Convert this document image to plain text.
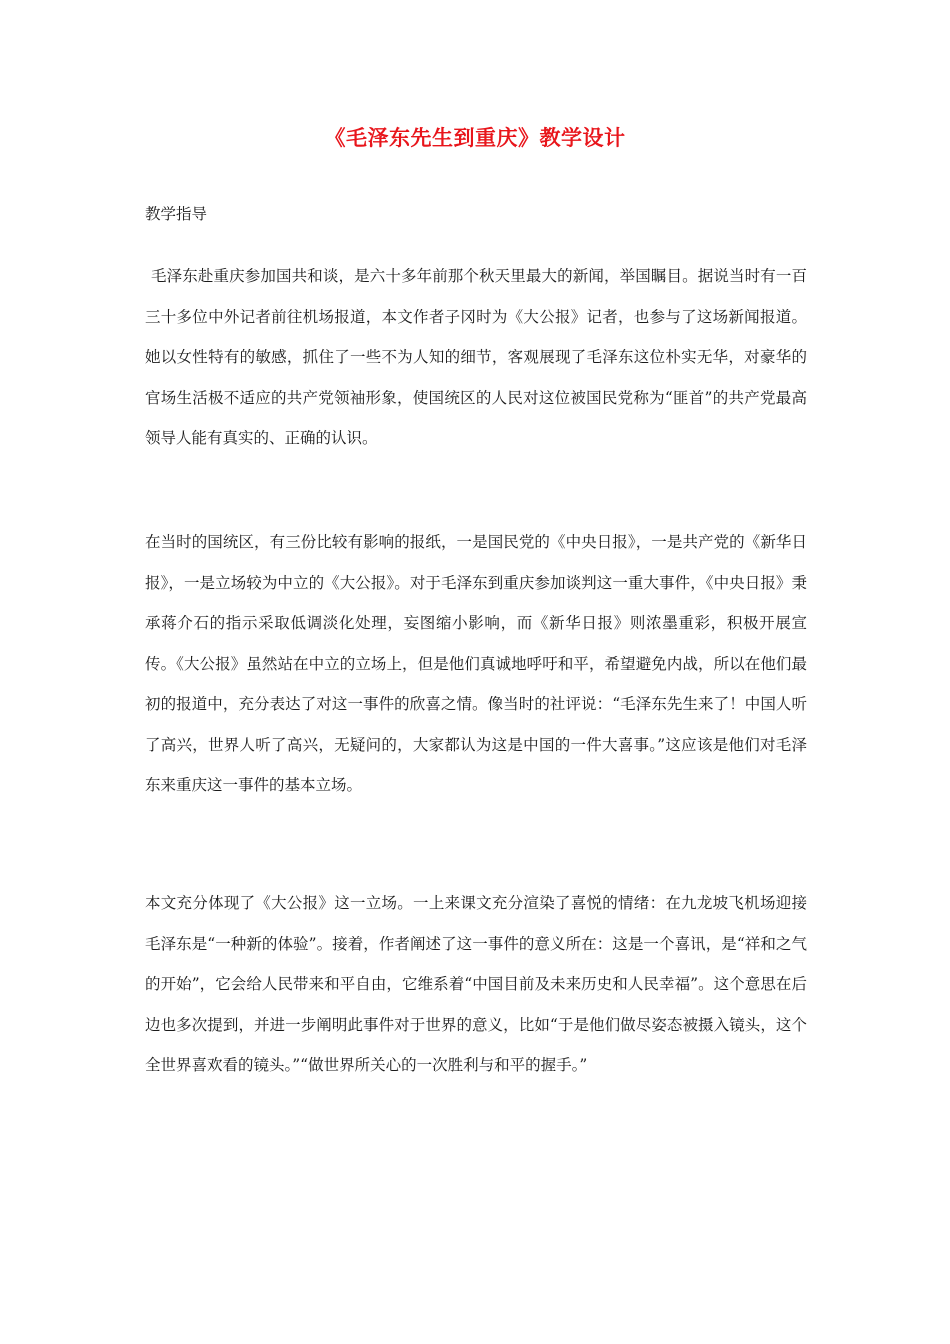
《毛泽东先生到重庆》教学设计

教学指导

毛泽东赴重庆参加国共和谈，是六十多年前那个秋天里最大的新闻，举国瞩目。据说当时有一百三十多位中外记者前往机场报道，本文作者子冈时为《大公报》记者，也参与了这场新闻报道。她以女性特有的敏感，抓住了一些不为人知的细节，客观展现了毛泽东这位朴实无华，对豪华的官场生活极不适应的共产党领袖形象，使国统区的人民对这位被国民党称为“匪首”的共产党最高领导人能有真实的、正确的认识。

在当时的国统区，有三份比较有影响的报纸，一是国民党的《中央日报》，一是共产党的《新华日报》，一是立场较为中立的《大公报》。对于毛泽东到重庆参加谈判这一重大事件，《中央日报》秉承蒋介石的指示采取低调淡化处理，妄图缩小影响，而《新华日报》则浓墨重彩，积极开展宣传。《大公报》虽然站在中立的立场上，但是他们真诚地呼吁和平，希望避免内战，所以在他们最初的报道中，充分表达了对这一事件的欣喜之情。像当时的社评说：“毛泽东先生来了！中国人听了高兴，世界人听了高兴，无疑问的，大家都认为这是中国的一件大喜事。”这应该是他们对毛泽东来重庆这一事件的基本立场。

本文充分体现了《大公报》这一立场。一上来课文充分渲染了喜悦的情绪：在九龙坡飞机场迎接毛泽东是“一种新的体验”。接着，作者阐述了这一事件的意义所在：这是一个喜讯，是“祥和之气的开始”，它会给人民带来和平自由，它维系着“中国目前及未来历史和人民幸福”。这个意思在后边也多次提到，并进一步阐明此事件对于世界的意义，比如“于是他们做尽姿态被摄入镜头，这个全世界喜欢看的镜头。”“做世界所关心的一次胜利与和平的握手。”
